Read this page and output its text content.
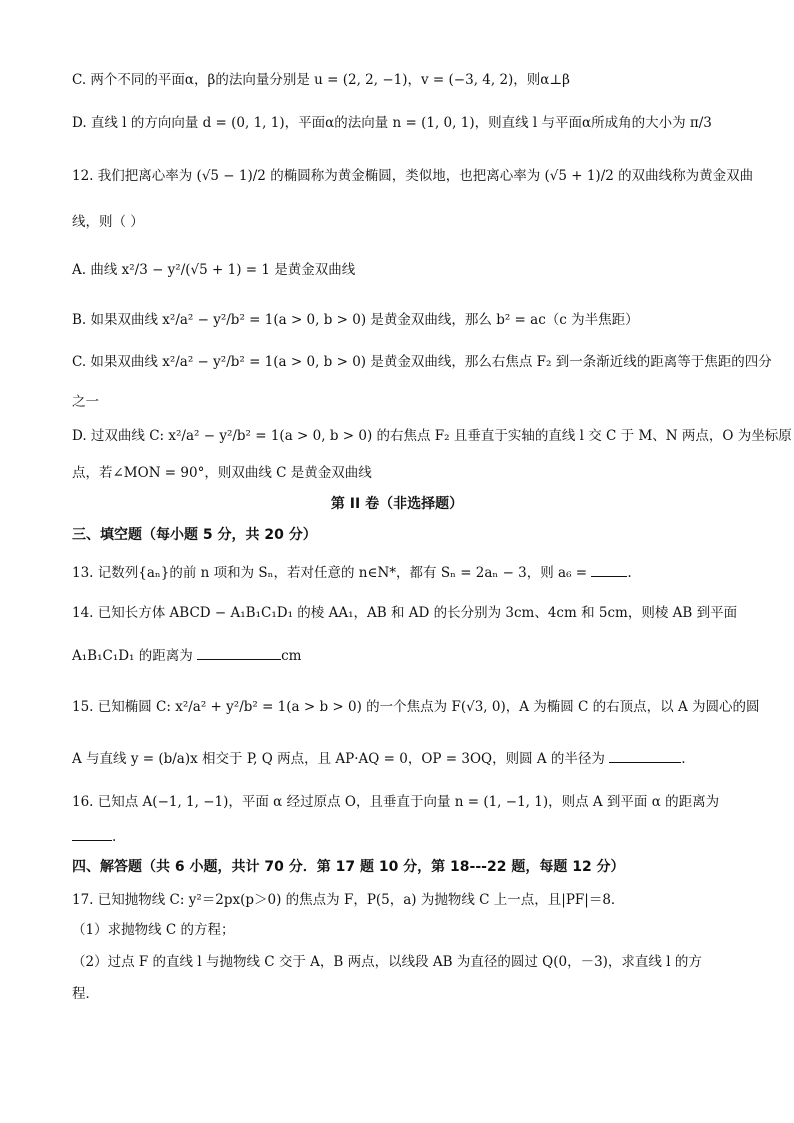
C. 两个不同的平面α，β的法向量分别是 u = (2, 2, −1)，v = (−3, 4, 2)，则α⊥β
D. 直线 l 的方向向量 d = (0, 1, 1)，平面α的法向量 n = (1, 0, 1)，则直线 l 与平面α所成角的大小为 π/3
12. 我们把离心率为 (√5 − 1)/2 的椭圆称为黄金椭圆，类似地，也把离心率为 (√5 + 1)/2 的双曲线称为黄金双曲
线，则（ ）
A. 曲线 x²/3 − y²/(√5 + 1) = 1 是黄金双曲线
B. 如果双曲线 x²/a² − y²/b² = 1(a > 0, b > 0) 是黄金双曲线，那么 b² = ac（c 为半焦距）
C. 如果双曲线 x²/a² − y²/b² = 1(a > 0, b > 0) 是黄金双曲线，那么右焦点 F₂ 到一条渐近线的距离等于焦距的四分
之一
D. 过双曲线 C: x²/a² − y²/b² = 1(a > 0, b > 0) 的右焦点 F₂ 且垂直于实轴的直线 l 交 C 于 M、N 两点，O 为坐标原
点，若∠MON = 90°，则双曲线 C 是黄金双曲线
第 II 卷（非选择题）
三、填空题（每小题 5 分，共 20 分）
13. 记数列{aₙ}的前 n 项和为 Sₙ，若对任意的 n∈N*，都有 Sₙ = 2aₙ − 3，则 a₆ =	.
14. 已知长方体 ABCD − A₁B₁C₁D₁ 的棱 AA₁，AB 和 AD 的长分别为 3cm、4cm 和 5cm，则棱 AB 到平面
A₁B₁C₁D₁ 的距离为	cm
15. 已知椭圆 C: x²/a² + y²/b² = 1(a > b > 0) 的一个焦点为 F(√3, 0)，A 为椭圆 C 的右顶点，以 A 为圆心的圆
A 与直线 y = (b/a)x 相交于 P, Q 两点，且 AP·AQ = 0，OP = 3OQ，则圆 A 的半径为	.
16. 已知点 A(−1, 1, −1)，平面 α 经过原点 O，且垂直于向量 n = (1, −1, 1)，则点 A 到平面 α 的距离为
.
四、解答题（共 6 小题，共计 70 分．第 17 题 10 分，第 18---22 题，每题 12 分）
17. 已知抛物线 C: y²＝2px(p＞0) 的焦点为 F，P(5，a) 为抛物线 C 上一点，且|PF|＝8．
（1）求抛物线 C 的方程；
（2）过点 F 的直线 l 与抛物线 C 交于 A，B 两点，以线段 AB 为直径的圆过 Q(0，－3)，求直线 l 的方
程．
